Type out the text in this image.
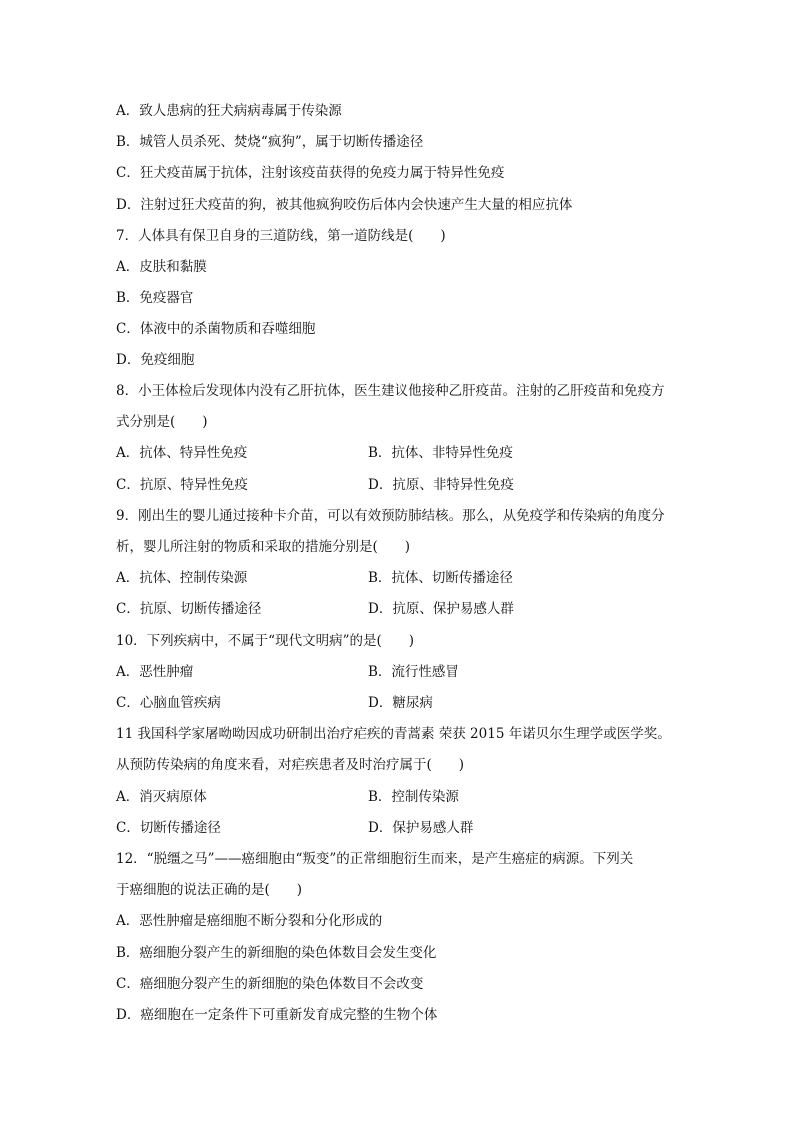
A．致人患病的狂犬病病毒属于传染源
B．城管人员杀死、焚烧“疯狗”，属于切断传播途径
C．狂犬疫苗属于抗体，注射该疫苗获得的免疫力属于特异性免疫
D．注射过狂犬疫苗的狗，被其他疯狗咬伤后体内会快速产生大量的相应抗体
7．人体具有保卫自身的三道防线，第一道防线是(　　)
A．皮肤和黏膜
B．免疫器官
C．体液中的杀菌物质和吞噬细胞
D．免疫细胞
8．小王体检后发现体内没有乙肝抗体，医生建议他接种乙肝疫苗。注射的乙肝疫苗和免疫方
式分别是(　　)
A．抗体、特异性免疫	B．抗体、非特异性免疫
C．抗原、特异性免疫	D．抗原、非特异性免疫
9．刚出生的婴儿通过接种卡介苗，可以有效预防肺结核。那么，从免疫学和传染病的角度分
析，婴儿所注射的物质和采取的措施分别是(　　)
A．抗体、控制传染源	B．抗体、切断传播途径
C．抗原、切断传播途径	D．抗原、保护易感人群
10．下列疾病中，不属于“现代文明病”的是(　　)
A．恶性肿瘤	B．流行性感冒
C．心脑血管疾病	D．糖尿病
11 我国科学家屠呦呦因成功研制出治疗疟疾的青蒿素 荣获 2015 年诺贝尔生理学或医学奖。
从预防传染病的角度来看，对疟疾患者及时治疗属于(　　)
A．消灭病原体	B．控制传染源
C．切断传播途径	D．保护易感人群
12．“脱缰之马”——癌细胞由“叛变”的正常细胞衍生而来，是产生癌症的病源。下列关
于癌细胞的说法正确的是(　　)
A．恶性肿瘤是癌细胞不断分裂和分化形成的
B．癌细胞分裂产生的新细胞的染色体数目会发生变化
C．癌细胞分裂产生的新细胞的染色体数目不会改变
D．癌细胞在一定条件下可重新发育成完整的生物个体
